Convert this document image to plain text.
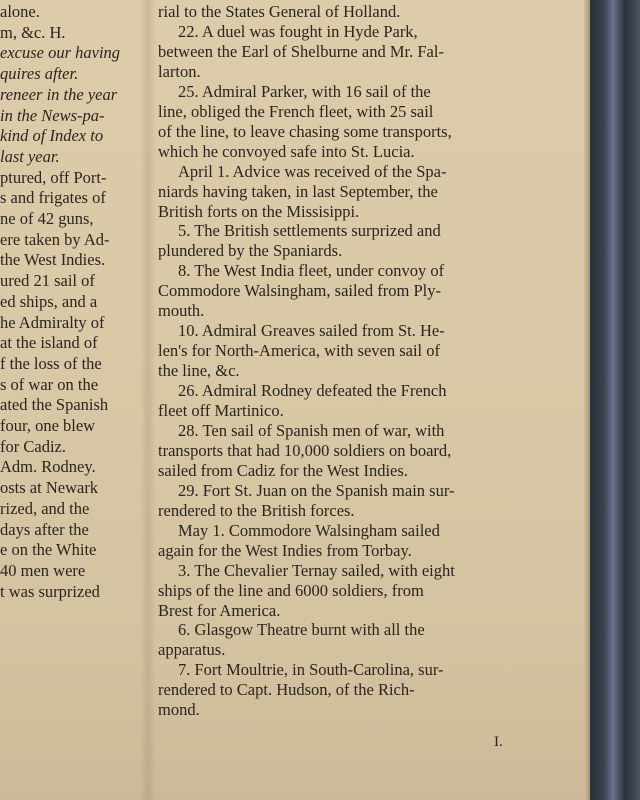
alone.
m, &c. H.
excuse our having
quires after.
reneer in the year
in the News-pa-
kind of Index to
last year.
ptured, off Port-
s and frigates of
ne of 42 guns,
ere taken by Ad-
the West Indies.
ured 21 sail of
ed ships, and a
he Admiralty of
at the island of
f the loss of the
s of war on the
ated the Spanish
four, one blew
for Cadiz.
Adm. Rodney.
osts at Newark
rized, and the
days after the
e on the White
40 men were
t was surprized
rial to the States General of Holland.
22. A duel was fought in Hyde Park,
between the Earl of Shelburne and Mr. Fal-
larton.
25. Admiral Parker, with 16 sail of the
line, obliged the French fleet, with 25 sail
of the line, to leave chasing some transports,
which he convoyed safe into St. Lucia.
April 1. Advice was received of the Spa-
niards having taken, in last September, the
British forts on the Missisippi.
5. The British settlements surprized and
plundered by the Spaniards.
8. The West India fleet, under convoy of
Commodore Walsingham, sailed from Ply-
mouth.
10. Admiral Greaves sailed from St. He-
len's for North-America, with seven sail of
the line, &c.
26. Admiral Rodney defeated the French
fleet off Martinico.
28. Ten sail of Spanish men of war, with
transports that had 10,000 soldiers on board,
sailed from Cadiz for the West Indies.
29. Fort St. Juan on the Spanish main sur-
rendered to the British forces.
May 1. Commodore Walsingham sailed
again for the West Indies from Torbay.
3. The Chevalier Ternay sailed, with eight
ships of the line and 6000 soldiers, from
Brest for America.
6. Glasgow Theatre burnt with all the
apparatus.
7. Fort Moultrie, in South-Carolina, sur-
rendered to Capt. Hudson, of the Rich-
mond.
I.
